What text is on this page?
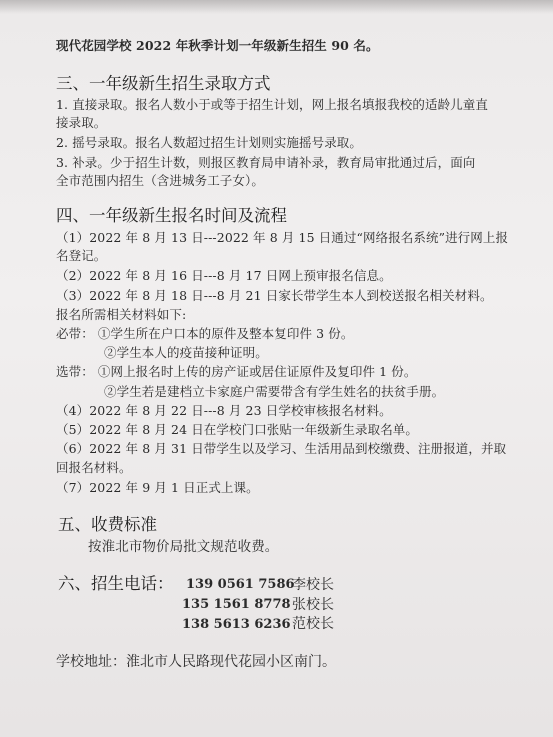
现代花园学校 2022 年秋季计划一年级新生招生 90 名。
三、一年级新生招生录取方式
1. 直接录取。报名人数小于或等于招生计划，网上报名填报我校的适龄儿童直
接录取。
2. 摇号录取。报名人数超过招生计划则实施摇号录取。
3. 补录。少于招生计数，则报区教育局申请补录，教育局审批通过后，面向
全市范围内招生（含进城务工子女）。
四、一年级新生报名时间及流程
（1）2022 年 8 月 13 日---2022 年 8 月 15 日通过“网络报名系统”进行网上报
名登记。
（2）2022 年 8 月 16 日---8 月 17 日网上预审报名信息。
（3）2022 年 8 月 18 日---8 月 21 日家长带学生本人到校送报名相关材料。
报名所需相关材料如下:
必带： ①学生所在户口本的原件及整本复印件 3 份。
②学生本人的疫苗接种证明。
选带： ①网上报名时上传的房产证或居住证原件及复印件 1 份。
②学生若是建档立卡家庭户需要带含有学生姓名的扶贫手册。
（4）2022 年 8 月 22 日---8 月 23 日学校审核报名材料。
（5）2022 年 8 月 24 日在学校门口张贴一年级新生录取名单。
（6）2022 年 8 月 31 日带学生以及学习、生活用品到校缴费、注册报道，并取
回报名材料。
（7）2022 年 9 月 1 日正式上课。
五、收费标准
按淮北市物价局批文规范收费。
六、招生电话： 139 0561 7586
李校长
135 1561 8778 张校长
138 5613 6236 范校长
学校地址：淮北市人民路现代花园小区南门。
